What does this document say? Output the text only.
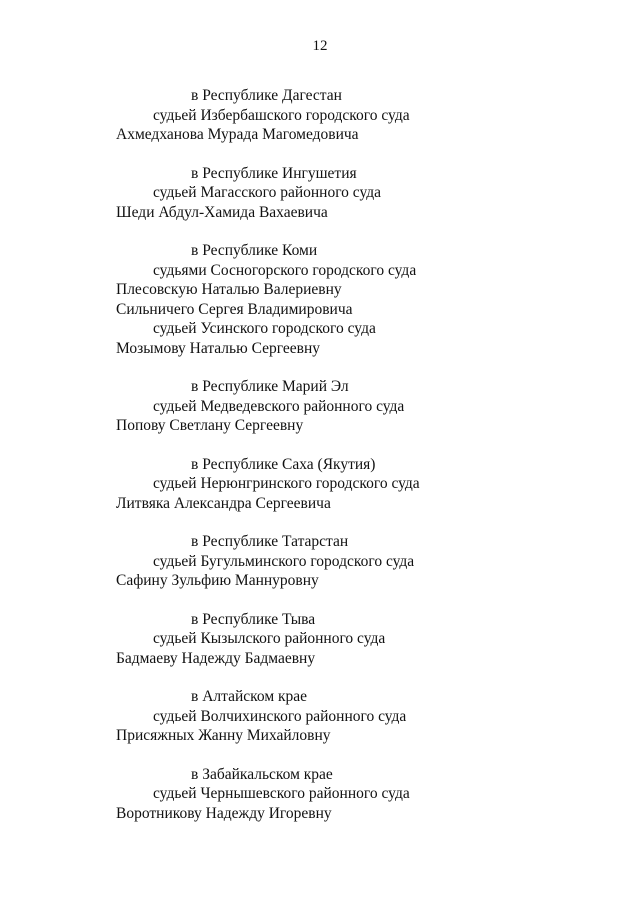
12
в Республике Дагестан
судьей Избербашского городского суда
Ахмедханова Мурада Магомедовича
в Республике Ингушетия
судьей Магасского районного суда
Шеди Абдул-Хамида Вахаевича
в Республике Коми
судьями Сосногорского городского суда
Плесовскую Наталью Валериевну
Сильничего Сергея Владимировича
судьей Усинского городского суда
Мозымову Наталью Сергеевну
в Республике Марий Эл
судьей Медведевского районного суда
Попову Светлану Сергеевну
в Республике Саха (Якутия)
судьей Нерюнгринского городского суда
Литвяка Александра Сергеевича
в Республике Татарстан
судьей Бугульминского городского суда
Сафину Зульфию Маннуровну
в Республике Тыва
судьей Кызылского районного суда
Бадмаеву Надежду Бадмаевну
в Алтайском крае
судьей Волчихинского районного суда
Присяжных Жанну Михайловну
в Забайкальском крае
судьей Чернышевского районного суда
Воротникову Надежду Игоревну
